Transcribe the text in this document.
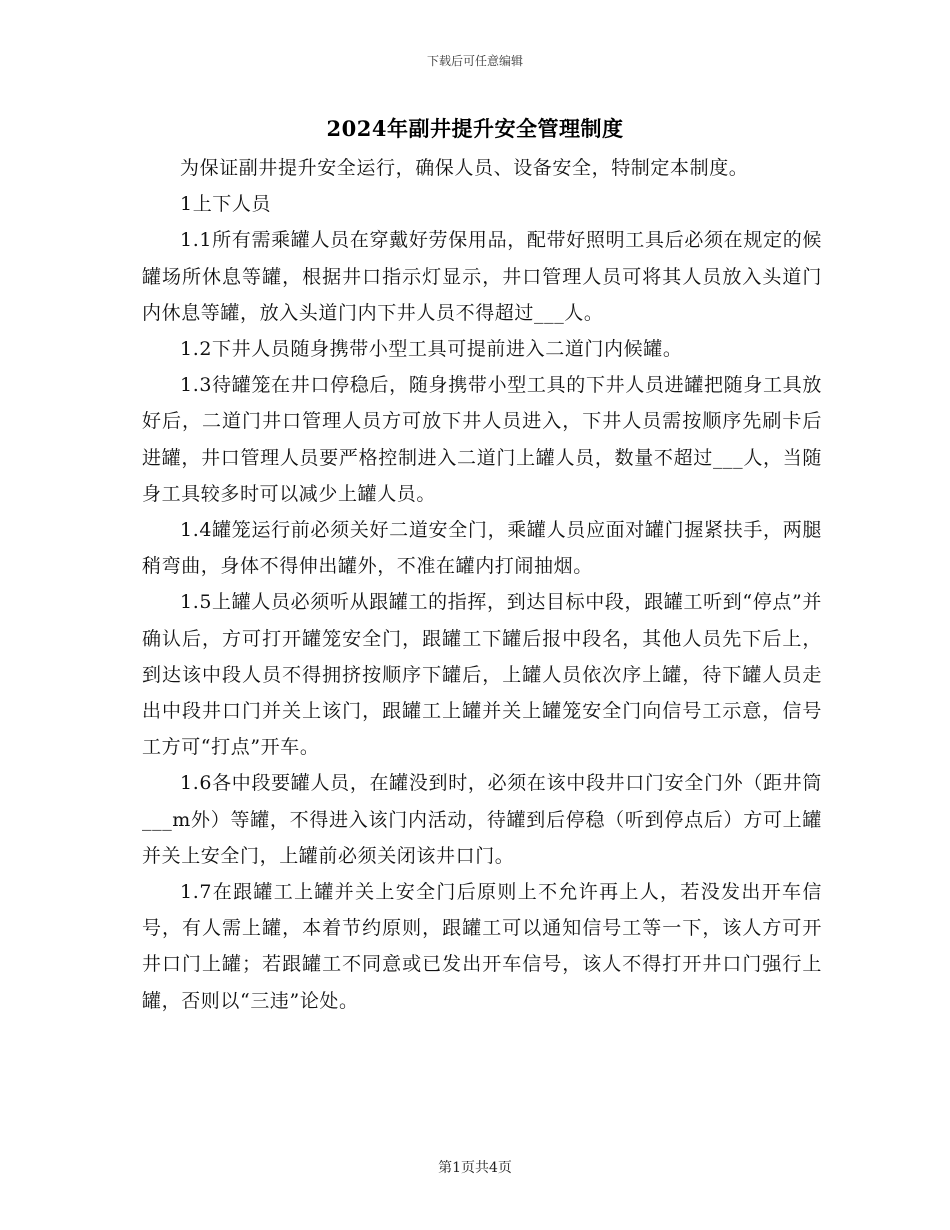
下载后可任意编辑
2024年副井提升安全管理制度

为保证副井提升安全运行，确保人员、设备安全，特制定本制度。

1上下人员

1.1所有需乘罐人员在穿戴好劳保用品，配带好照明工具后必须在规定的候罐场所休息等罐，根据井口指示灯显示，井口管理人员可将其人员放入头道门内休息等罐，放入头道门内下井人员不得超过___人。

1.2下井人员随身携带小型工具可提前进入二道门内候罐。

1.3待罐笼在井口停稳后，随身携带小型工具的下井人员进罐把随身工具放好后，二道门井口管理人员方可放下井人员进入，下井人员需按顺序先刷卡后进罐，井口管理人员要严格控制进入二道门上罐人员，数量不超过___人，当随身工具较多时可以减少上罐人员。

1.4罐笼运行前必须关好二道安全门，乘罐人员应面对罐门握紧扶手，两腿稍弯曲，身体不得伸出罐外，不准在罐内打闹抽烟。

1.5上罐人员必须听从跟罐工的指挥，到达目标中段，跟罐工听到“停点”并确认后，方可打开罐笼安全门，跟罐工下罐后报中段名，其他人员先下后上，到达该中段人员不得拥挤按顺序下罐后，上罐人员依次序上罐，待下罐人员走出中段井口门并关上该门，跟罐工上罐并关上罐笼安全门向信号工示意，信号工方可“打点”开车。

1.6各中段要罐人员，在罐没到时，必须在该中段井口门安全门外（距井筒___m外）等罐，不得进入该门内活动，待罐到后停稳（听到停点后）方可上罐并关上安全门，上罐前必须关闭该井口门。

1.7在跟罐工上罐并关上安全门后原则上不允许再上人，若没发出开车信号，有人需上罐，本着节约原则，跟罐工可以通知信号工等一下，该人方可开井口门上罐；若跟罐工不同意或已发出开车信号，该人不得打开井口门强行上罐，否则以“三违”论处。

第1页共4页
